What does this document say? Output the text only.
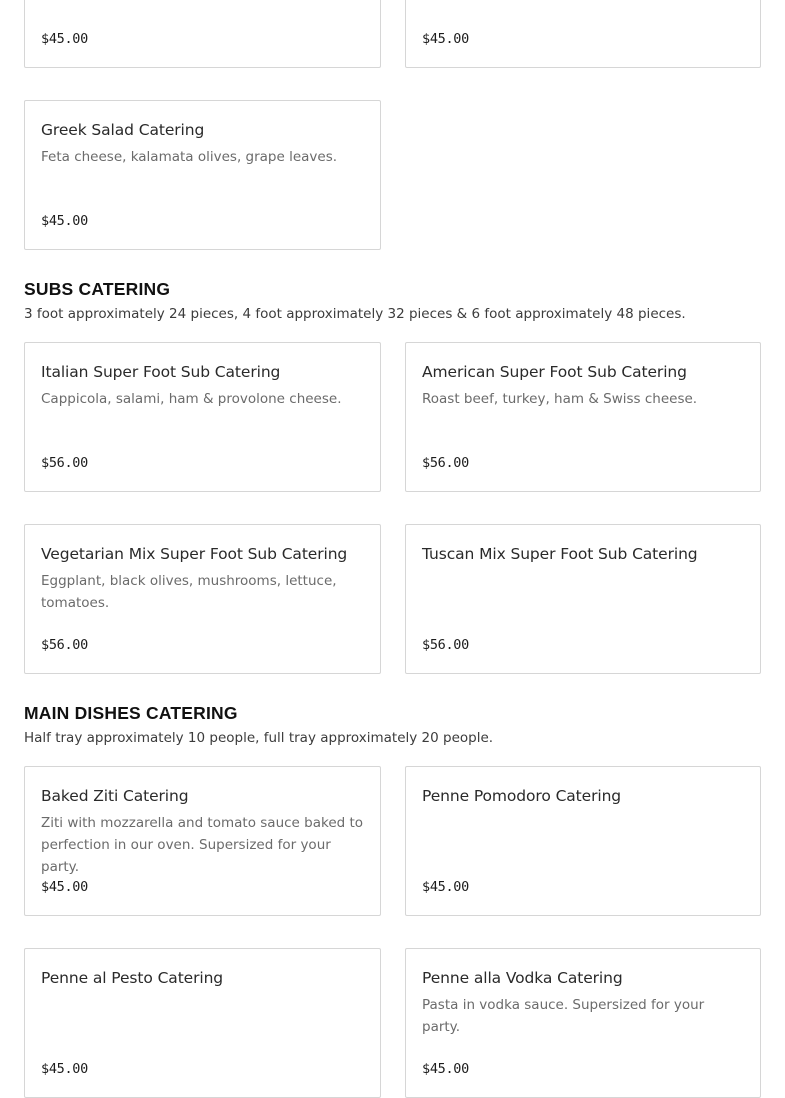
$45.00	$45.00
Greek Salad Catering
Feta cheese, kalamata olives, grape leaves.
$45.00
SUBS CATERING
3 foot approximately 24 pieces, 4 foot approximately 32 pieces & 6 foot approximately 48 pieces.
Italian Super Foot Sub Catering
Cappicola, salami, ham & provolone cheese.
$56.00
American Super Foot Sub Catering
Roast beef, turkey, ham & Swiss cheese.
$56.00
Vegetarian Mix Super Foot Sub Catering
Eggplant, black olives, mushrooms, lettuce, tomatoes.
$56.00
Tuscan Mix Super Foot Sub Catering
$56.00
MAIN DISHES CATERING
Half tray approximately 10 people, full tray approximately 20 people.
Baked Ziti Catering
Ziti with mozzarella and tomato sauce baked to perfection in our oven. Supersized for your party.
$45.00
Penne Pomodoro Catering
$45.00
Penne al Pesto Catering
$45.00
Penne alla Vodka Catering
Pasta in vodka sauce. Supersized for your party.
$45.00
